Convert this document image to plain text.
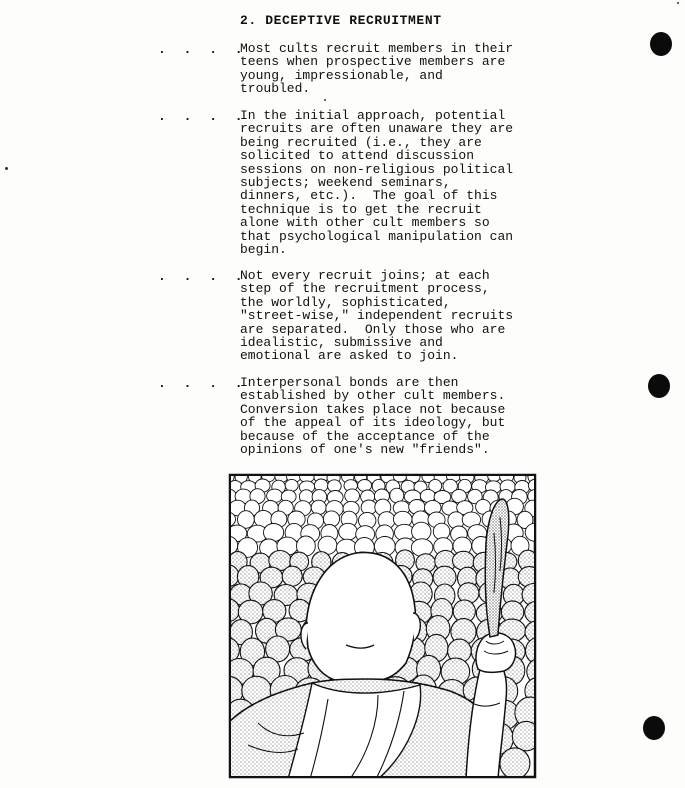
2. DECEPTIVE RECRUITMENT
. . . .

Most cults recruit members in their
teens when prospective members are
young, impressionable, and
troubled.

. . . .

In the initial approach, potential
recruits are often unaware they are
being recruited (i.e., they are
solicited to attend discussion
sessions on non-religious political
subjects; weekend seminars,
dinners, etc.).  The goal of this
technique is to get the recruit
alone with other cult members so
that psychological manipulation can
begin.

. . . .

Not every recruit joins; at each
step of the recruitment process,
the worldly, sophisticated,
"street-wise," independent recruits
are separated.  Only those who are
idealistic, submissive and
emotional are asked to join.

. . . .

Interpersonal bonds are then
established by other cult members.
Conversion takes place not because
of the appeal of its ideology, but
because of the acceptance of the
opinions of one's new "friends".
